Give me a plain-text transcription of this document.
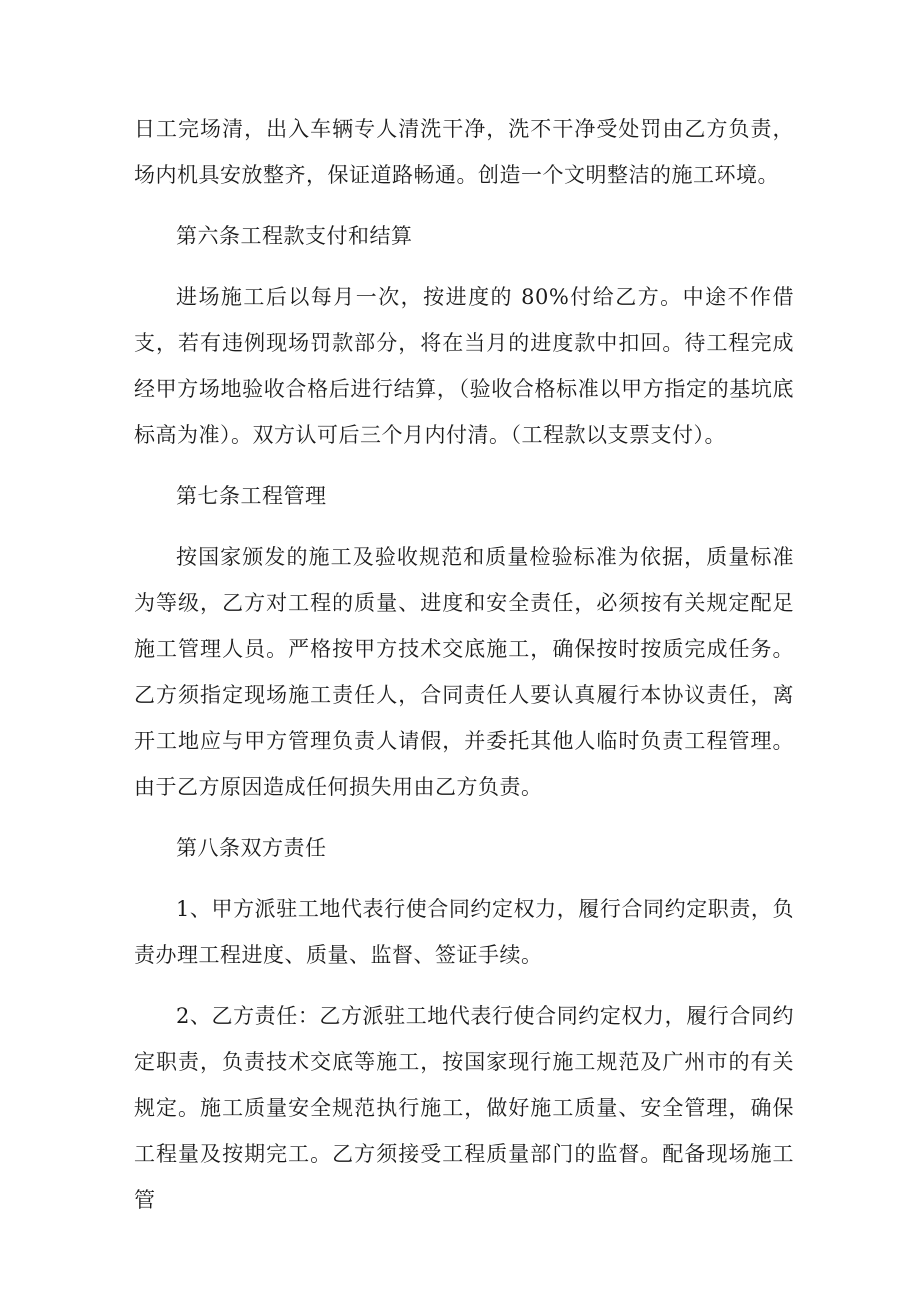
日工完场清，出入车辆专人清洗干净，洗不干净受处罚由乙方负责，场内机具安放整齐，保证道路畅通。创造一个文明整洁的施工环境。

第六条工程款支付和结算

进场施工后以每月一次，按进度的 80%付给乙方。中途不作借支，若有违例现场罚款部分，将在当月的进度款中扣回。待工程完成经甲方场地验收合格后进行结算，（验收合格标准以甲方指定的基坑底标高为准）。双方认可后三个月内付清。（工程款以支票支付）。

第七条工程管理

按国家颁发的施工及验收规范和质量检验标准为依据，质量标准为等级，乙方对工程的质量、进度和安全责任，必须按有关规定配足施工管理人员。严格按甲方技术交底施工，确保按时按质完成任务。乙方须指定现场施工责任人，合同责任人要认真履行本协议责任，离开工地应与甲方管理负责人请假，并委托其他人临时负责工程管理。由于乙方原因造成任何损失用由乙方负责。

第八条双方责任

1、甲方派驻工地代表行使合同约定权力，履行合同约定职责，负责办理工程进度、质量、监督、签证手续。

2、乙方责任：乙方派驻工地代表行使合同约定权力，履行合同约定职责，负责技术交底等施工，按国家现行施工规范及广州市的有关规定。施工质量安全规范执行施工，做好施工质量、安全管理，确保工程量及按期完工。乙方须接受工程质量部门的监督。配备现场施工管
